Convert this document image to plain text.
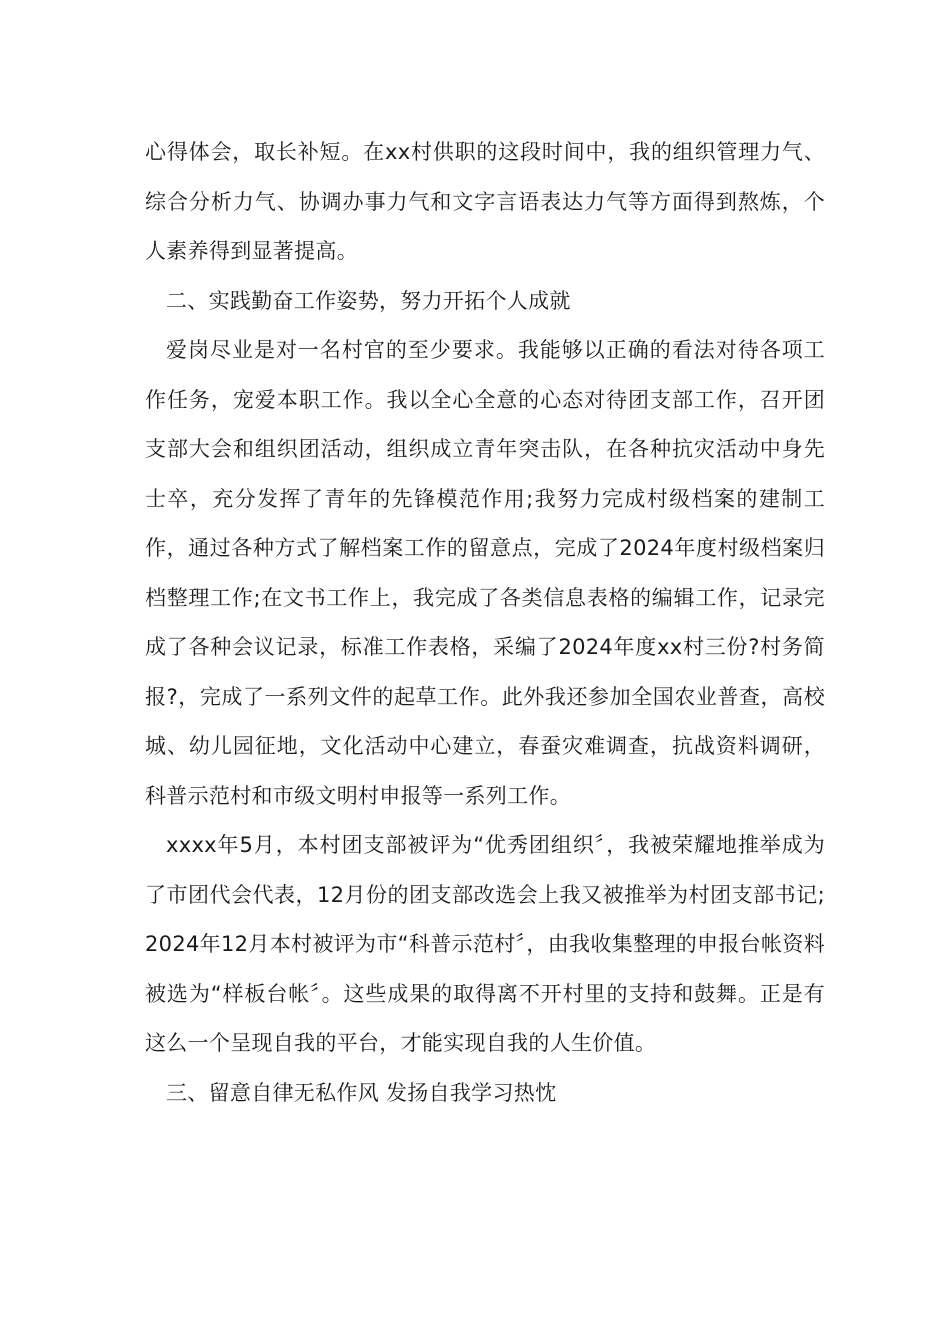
心得体会，取长补短。在xx村供职的这段时间中，我的组织管理力气、综合分析力气、协调办事力气和文字言语表达力气等方面得到熬炼，个人素养得到显著提高。

二、实践勤奋工作姿势，努力开拓个人成就

爱岗尽业是对一名村官的至少要求。我能够以正确的看法对待各项工作任务，宠爱本职工作。我以全心全意的心态对待团支部工作，召开团支部大会和组织团活动，组织成立青年突击队，在各种抗灾活动中身先士卒，充分发挥了青年的先锋模范作用;我努力完成村级档案的建制工作，通过各种方式了解档案工作的留意点，完成了2024年度村级档案归档整理工作;在文书工作上，我完成了各类信息表格的编辑工作，记录完成了各种会议记录，标准工作表格，采编了2024年度xx村三份?村务简报?，完成了一系列文件的起草工作。此外我还参加全国农业普查，高校城、幼儿园征地，文化活动中心建立，春蚕灾难调查，抗战资料调研，科普示范村和市级文明村申报等一系列工作。

xxxx年5月，本村团支部被评为“优秀团组织〞，我被荣耀地推举成为了市团代会代表，12月份的团支部改选会上我又被推举为村团支部书记;2024年12月本村被评为市“科普示范村〞，由我收集整理的申报台帐资料被选为“样板台帐〞。这些成果的取得离不开村里的支持和鼓舞。正是有这么一个呈现自我的平台，才能实现自我的人生价值。

三、留意自律无私作风 发扬自我学习热忱
